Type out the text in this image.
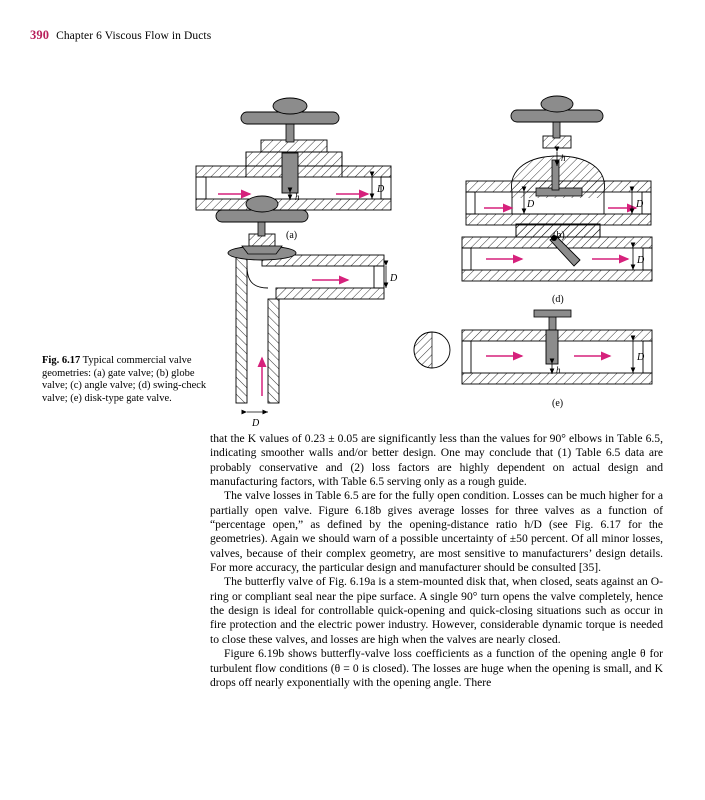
390 Chapter 6 Viscous Flow in Ducts
h
D
(a)
h
D	D
D
D
D
(d)
h
D
(e)
Fig. 6.17 Typical commercial valve geometries: (a) gate valve; (b) globe valve; (c) angle valve; (d) swing-check valve; (e) disk-type gate valve.

that the K values of 0.23 ± 0.05 are significantly less than the values for 90° elbows in Table 6.5, indicating smoother walls and/or better design. One may conclude that (1) Table 6.5 data are probably conservative and (2) loss factors are highly dependent on actual design and manufacturing factors, with Table 6.5 serving only as a rough guide.

The valve losses in Table 6.5 are for the fully open condition. Losses can be much higher for a partially open valve. Figure 6.18b gives average losses for three valves as a function of “percentage open,” as defined by the opening-distance ratio h/D (see Fig. 6.17 for the geometries). Again we should warn of a possible uncertainty of ±50 percent. Of all minor losses, valves, because of their complex geometry, are most sensitive to manufacturers’ design details. For more accuracy, the particular design and manufacturer should be consulted [35].

The butterfly valve of Fig. 6.19a is a stem-mounted disk that, when closed, seats against an O-ring or compliant seal near the pipe surface. A single 90° turn opens the valve completely, hence the design is ideal for controllable quick-opening and quick-closing situations such as occur in fire protection and the electric power industry. However, considerable dynamic torque is needed to close these valves, and losses are high when the valves are nearly closed.

Figure 6.19b shows butterfly-valve loss coefficients as a function of the opening angle θ for turbulent flow conditions (θ = 0 is closed). The losses are huge when the opening is small, and K drops off nearly exponentially with the opening angle. There
